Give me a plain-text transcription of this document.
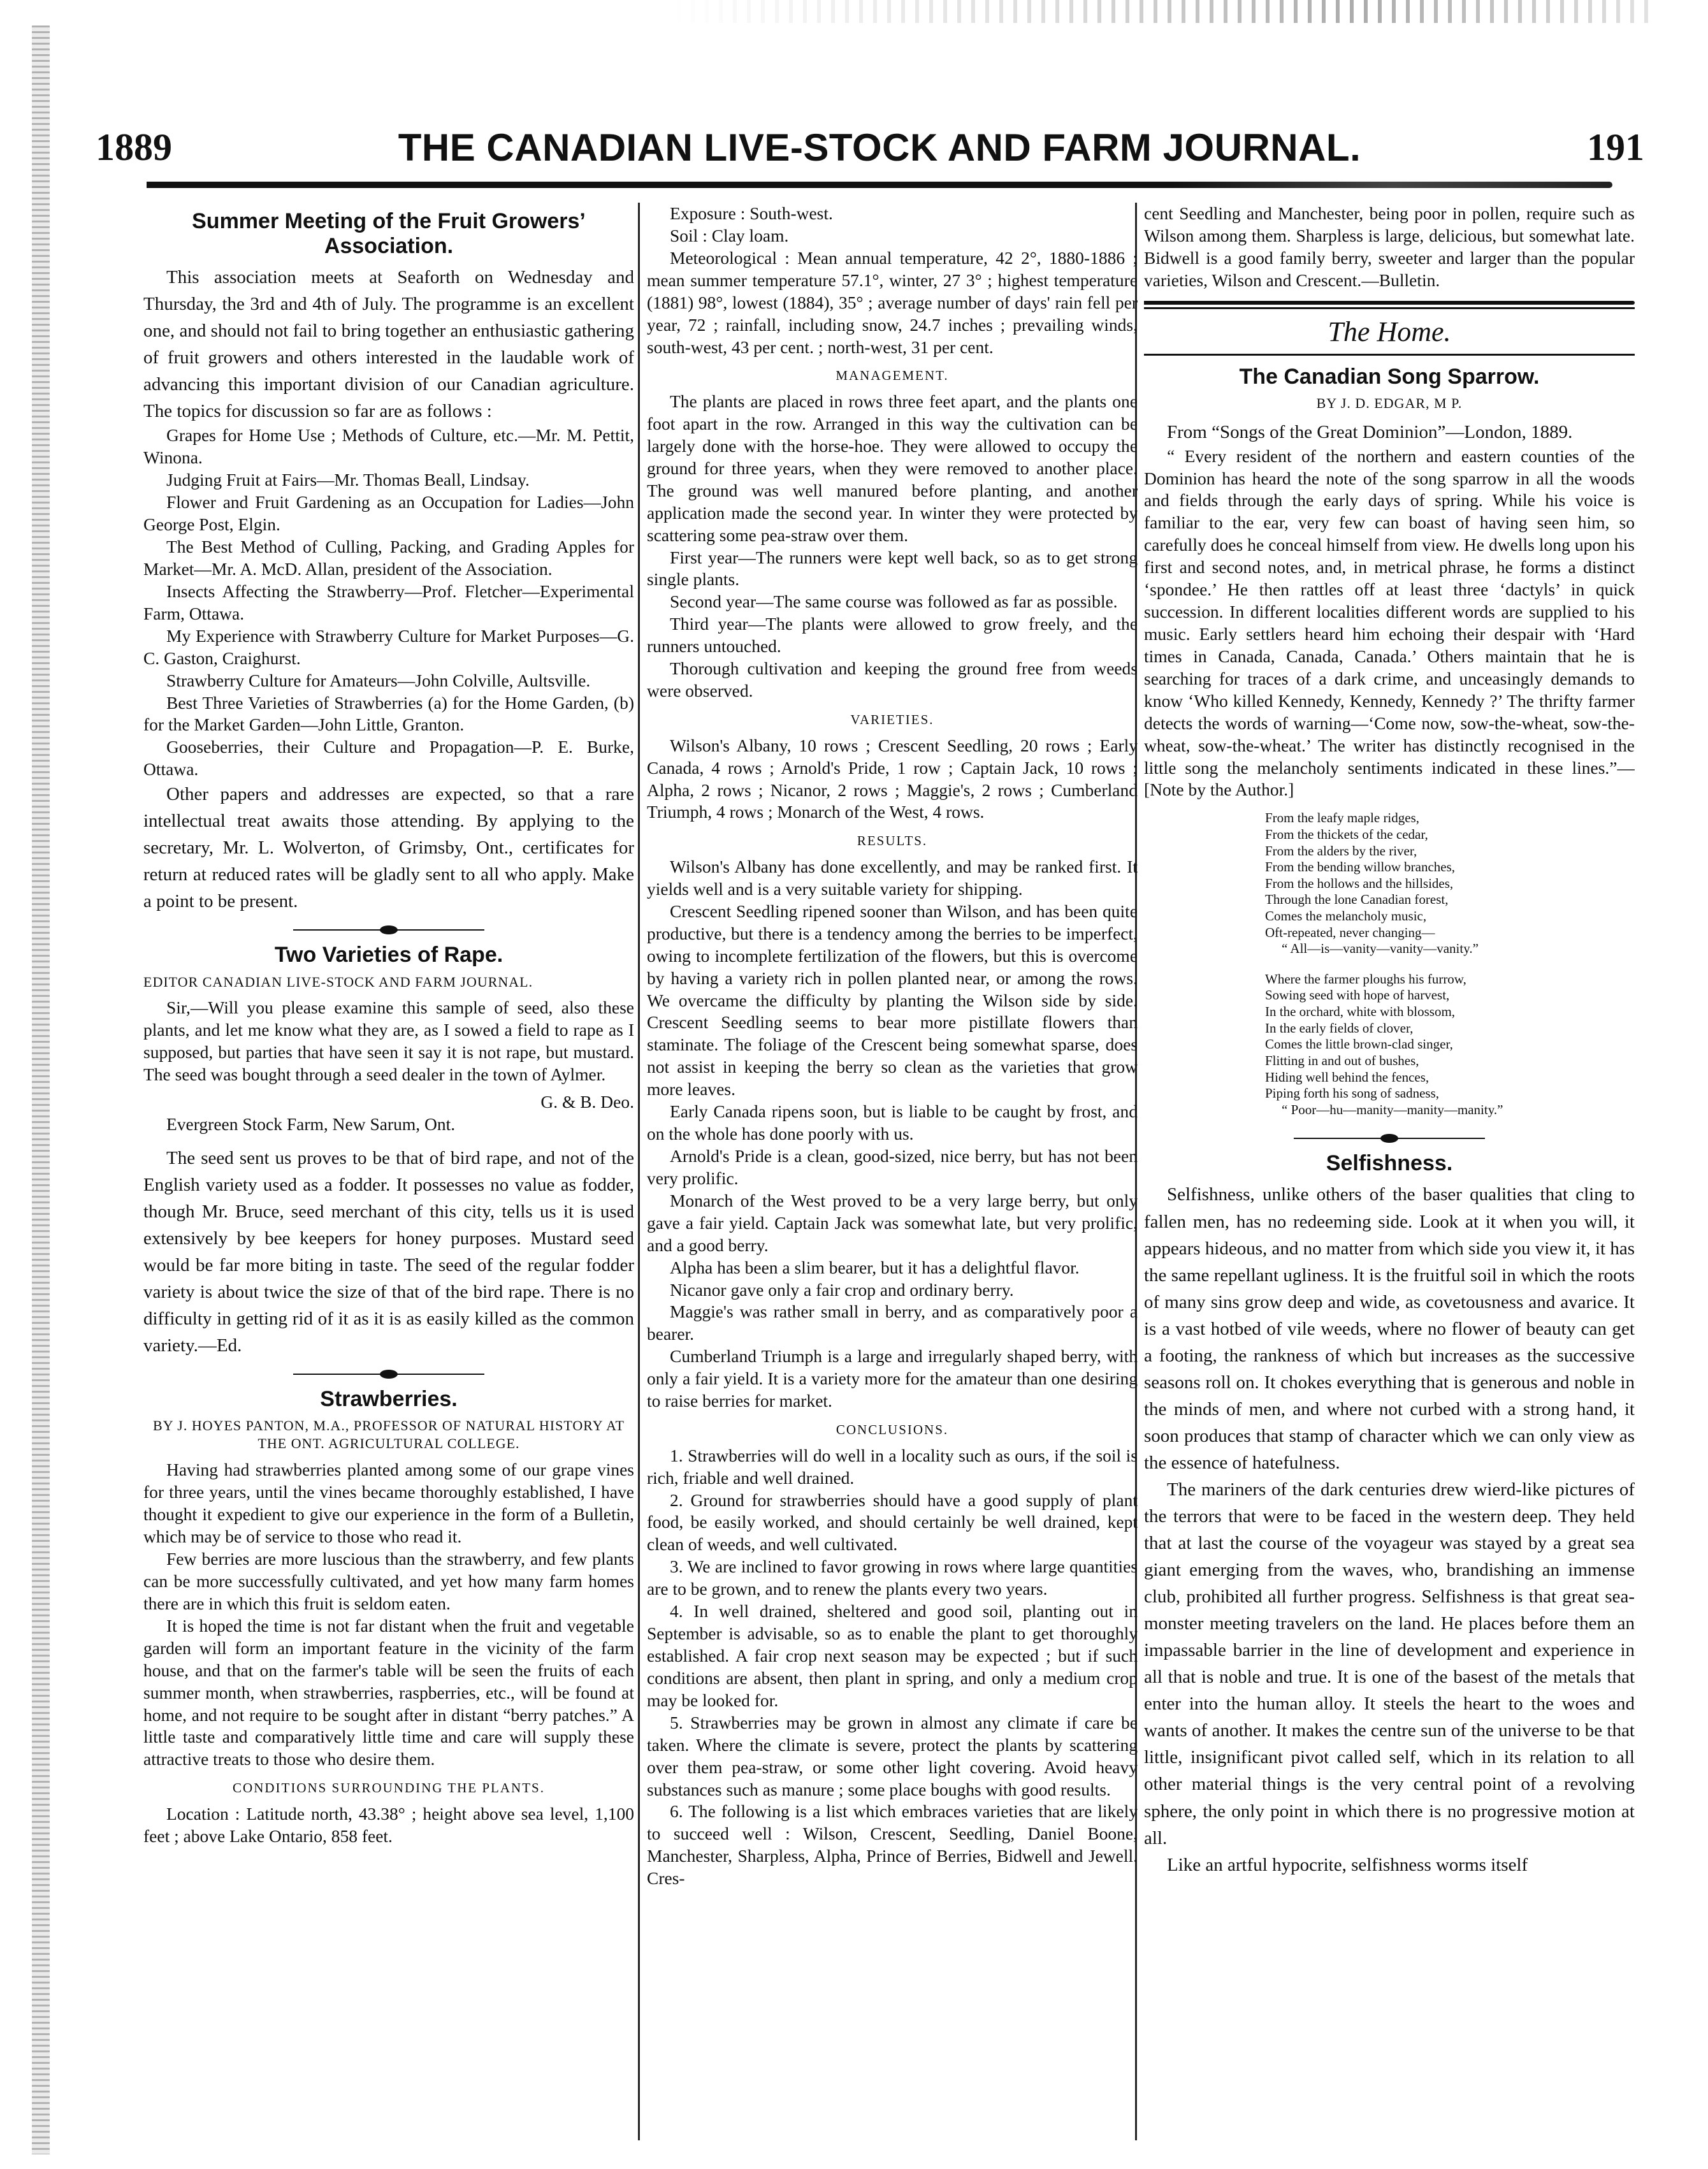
1889	THE CANADIAN LIVE-STOCK AND FARM JOURNAL.	191
Summer Meeting of the Fruit Growers’ Association.

This association meets at Seaforth on Wednesday and Thursday, the 3rd and 4th of July. The programme is an excellent one, and should not fail to bring together an enthusiastic gathering of fruit growers and others interested in the laudable work of advancing this important division of our Canadian agriculture. The topics for discussion so far are as follows :

Grapes for Home Use ; Methods of Culture, etc.—Mr. M. Pettit, Winona.

Judging Fruit at Fairs—Mr. Thomas Beall, Lindsay.

Flower and Fruit Gardening as an Occupation for Ladies—John George Post, Elgin.

The Best Method of Culling, Packing, and Grading Apples for Market—Mr. A. McD. Allan, president of the Association.

Insects Affecting the Strawberry—Prof. Fletcher—Experimental Farm, Ottawa.

My Experience with Strawberry Culture for Market Purposes—G. C. Gaston, Craighurst.

Strawberry Culture for Amateurs—John Colville, Aultsville.

Best Three Varieties of Strawberries (a) for the Home Garden, (b) for the Market Garden—John Little, Granton.

Gooseberries, their Culture and Propagation—P. E. Burke, Ottawa.

Other papers and addresses are expected, so that a rare intellectual treat awaits those attending. By applying to the secretary, Mr. L. Wolverton, of Grimsby, Ont., certificates for return at reduced rates will be gladly sent to all who apply. Make a point to be present.

Two Varieties of Rape.
EDITOR CANADIAN LIVE-STOCK AND FARM JOURNAL.

Sir,—Will you please examine this sample of seed, also these plants, and let me know what they are, as I sowed a field to rape as I supposed, but parties that have seen it say it is not rape, but mustard. The seed was bought through a seed dealer in the town of Aylmer.

G. & B. Deo.

Evergreen Stock Farm, New Sarum, Ont.

The seed sent us proves to be that of bird rape, and not of the English variety used as a fodder. It possesses no value as fodder, though Mr. Bruce, seed merchant of this city, tells us it is used extensively by bee keepers for honey purposes. Mustard seed would be far more biting in taste. The seed of the regular fodder variety is about twice the size of that of the bird rape. There is no difficulty in getting rid of it as it is as easily killed as the common variety.—Ed.

Strawberries.
BY J. HOYES PANTON, M.A., PROFESSOR OF NATURAL HISTORY AT THE ONT. AGRICULTURAL COLLEGE.

Having had strawberries planted among some of our grape vines for three years, until the vines became thoroughly established, I have thought it expedient to give our experience in the form of a Bulletin, which may be of service to those who read it.

Few berries are more luscious than the strawberry, and few plants can be more successfully cultivated, and yet how many farm homes there are in which this fruit is seldom eaten.

It is hoped the time is not far distant when the fruit and vegetable garden will form an important feature in the vicinity of the farm house, and that on the farmer's table will be seen the fruits of each summer month, when strawberries, raspberries, etc., will be found at home, and not require to be sought after in distant “berry patches.” A little taste and comparatively little time and care will supply these attractive treats to those who desire them.

CONDITIONS SURROUNDING THE PLANTS.

Location : Latitude north, 43.38° ; height above sea level, 1,100 feet ; above Lake Ontario, 858 feet.

Exposure : South-west.

Soil : Clay loam.

Meteorological : Mean annual temperature, 42 2°, 1880-1886 ; mean summer temperature 57.1°, winter, 27 3° ; highest temperature (1881) 98°, lowest (1884), 35° ; average number of days' rain fell per year, 72 ; rainfall, including snow, 24.7 inches ; prevailing winds, south-west, 43 per cent. ; north-west, 31 per cent.

MANAGEMENT.

The plants are placed in rows three feet apart, and the plants one foot apart in the row. Arranged in this way the cultivation can be largely done with the horse-hoe. They were allowed to occupy the ground for three years, when they were removed to another place. The ground was well manured before planting, and another application made the second year. In winter they were protected by scattering some pea-straw over them.

First year—The runners were kept well back, so as to get strong single plants.

Second year—The same course was followed as far as possible.

Third year—The plants were allowed to grow freely, and the runners untouched.

Thorough cultivation and keeping the ground free from weeds were observed.

VARIETIES.

Wilson's Albany, 10 rows ; Crescent Seedling, 20 rows ; Early Canada, 4 rows ; Arnold's Pride, 1 row ; Captain Jack, 10 rows ; Alpha, 2 rows ; Nicanor, 2 rows ; Maggie's, 2 rows ; Cumberland Triumph, 4 rows ; Monarch of the West, 4 rows.

RESULTS.

Wilson's Albany has done excellently, and may be ranked first. It yields well and is a very suitable variety for shipping.

Crescent Seedling ripened sooner than Wilson, and has been quite productive, but there is a tendency among the berries to be imperfect, owing to incomplete fertilization of the flowers, but this is overcome by having a variety rich in pollen planted near, or among the rows. We overcame the difficulty by planting the Wilson side by side. Crescent Seedling seems to bear more pistillate flowers than staminate. The foliage of the Crescent being somewhat sparse, does not assist in keeping the berry so clean as the varieties that grow more leaves.

Early Canada ripens soon, but is liable to be caught by frost, and on the whole has done poorly with us.

Arnold's Pride is a clean, good-sized, nice berry, but has not been very prolific.

Monarch of the West proved to be a very large berry, but only gave a fair yield. Captain Jack was somewhat late, but very prolific, and a good berry.

Alpha has been a slim bearer, but it has a delightful flavor.

Nicanor gave only a fair crop and ordinary berry.

Maggie's was rather small in berry, and as comparatively poor a bearer.

Cumberland Triumph is a large and irregularly shaped berry, with only a fair yield. It is a variety more for the amateur than one desiring to raise berries for market.

CONCLUSIONS.

1. Strawberries will do well in a locality such as ours, if the soil is rich, friable and well drained.

2. Ground for strawberries should have a good supply of plant food, be easily worked, and should certainly be well drained, kept clean of weeds, and well cultivated.

3. We are inclined to favor growing in rows where large quantities are to be grown, and to renew the plants every two years.

4. In well drained, sheltered and good soil, planting out in September is advisable, so as to enable the plant to get thoroughly established. A fair crop next season may be expected ; but if such conditions are absent, then plant in spring, and only a medium crop may be looked for.

5. Strawberries may be grown in almost any climate if care be taken. Where the climate is severe, protect the plants by scattering over them pea-straw, or some other light covering. Avoid heavy substances such as manure ; some place boughs with good results.

6. The following is a list which embraces varieties that are likely to succeed well : Wilson, Crescent, Seedling, Daniel Boone, Manchester, Sharpless, Alpha, Prince of Berries, Bidwell and Jewell. Cres-

cent Seedling and Manchester, being poor in pollen, require such as Wilson among them. Sharpless is large, delicious, but somewhat late. Bidwell is a good family berry, sweeter and larger than the popular varieties, Wilson and Crescent.—Bulletin.

The Home.
The Canadian Song Sparrow.
BY J. D. EDGAR, M P.

From “Songs of the Great Dominion”—London, 1889.

“ Every resident of the northern and eastern counties of the Dominion has heard the note of the song sparrow in all the woods and fields through the early days of spring. While his voice is familiar to the ear, very few can boast of having seen him, so carefully does he conceal himself from view. He dwells long upon his first and second notes, and, in metrical phrase, he forms a distinct ‘spondee.’ He then rattles off at least three ‘dactyls’ in quick succession. In different localities different words are supplied to his music. Early settlers heard him echoing their despair with ‘Hard times in Canada, Canada, Canada.’ Others maintain that he is searching for traces of a dark crime, and unceasingly demands to know ‘Who killed Kennedy, Kennedy, Kennedy ?’ The thrifty farmer detects the words of warning—‘Come now, sow-the-wheat, sow-the-wheat, sow-the-wheat.’ The writer has distinctly recognised in the little song the melancholy sentiments indicated in these lines.”—[Note by the Author.]

From the leafy maple ridges,
From the thickets of the cedar,
From the alders by the river,
From the bending willow branches,
From the hollows and the hillsides,
Through the lone Canadian forest,
Comes the melancholy music,
Oft-repeated, never changing—
“ All—is—vanity—vanity—vanity.”
Where the farmer ploughs his furrow,
Sowing seed with hope of harvest,
In the orchard, white with blossom,
In the early fields of clover,
Comes the little brown-clad singer,
Flitting in and out of bushes,
Hiding well behind the fences,
Piping forth his song of sadness,
“ Poor—hu—manity—manity—manity.”
Selfishness.

Selfishness, unlike others of the baser qualities that cling to fallen men, has no redeeming side. Look at it when you will, it appears hideous, and no matter from which side you view it, it has the same repellant ugliness. It is the fruitful soil in which the roots of many sins grow deep and wide, as covetousness and avarice. It is a vast hotbed of vile weeds, where no flower of beauty can get a footing, the rankness of which but increases as the successive seasons roll on. It chokes everything that is generous and noble in the minds of men, and where not curbed with a strong hand, it soon produces that stamp of character which we can only view as the essence of hatefulness.

The mariners of the dark centuries drew wierd-like pictures of the terrors that were to be faced in the western deep. They held that at last the course of the voyageur was stayed by a great sea giant emerging from the waves, who, brandishing an immense club, prohibited all further progress. Selfishness is that great sea-monster meeting travelers on the land. He places before them an impassable barrier in the line of development and experience in all that is noble and true. It is one of the basest of the metals that enter into the human alloy. It steels the heart to the woes and wants of another. It makes the centre sun of the universe to be that little, insignificant pivot called self, which in its relation to all other material things is the very central point of a revolving sphere, the only point in which there is no progressive motion at all.

Like an artful hypocrite, selfishness worms itself
